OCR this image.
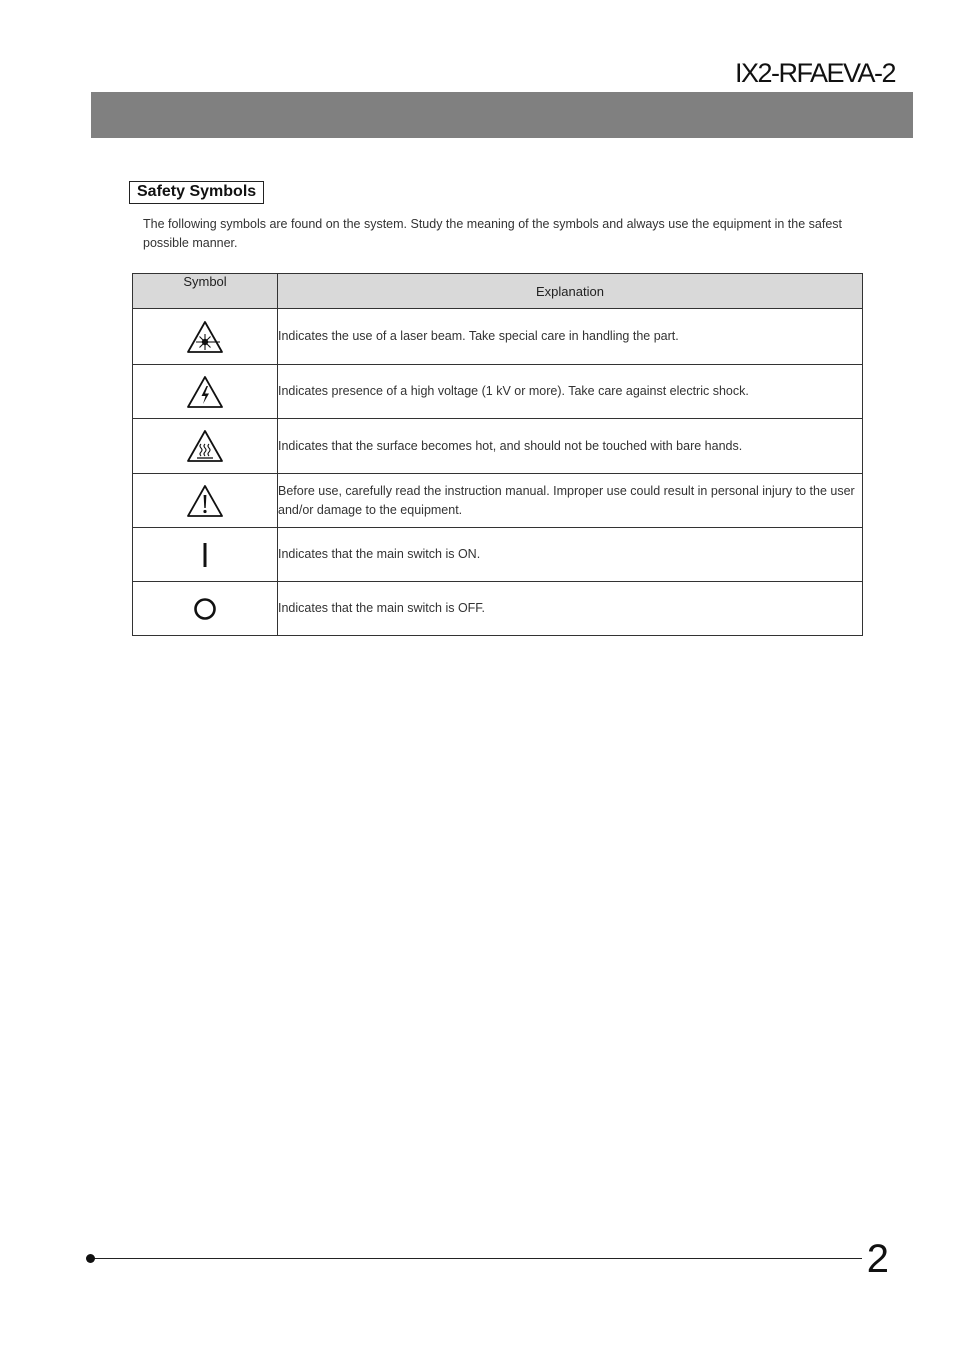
IX2-RFAEVA-2
Safety Symbols
The following symbols are found on the system. Study the meaning of the symbols and always use the equipment in the safest possible manner.
Symbol	Explanation
	Indicates the use of a laser beam. Take special care in handling the part.
	Indicates presence of a high voltage (1 kV or more). Take care against electric shock.
	Indicates that the surface becomes hot, and should not be touched with bare hands.
	Before use, carefully read the instruction manual. Improper use could result in personal injury to the user and/or damage to the equipment.
	Indicates that the main switch is ON.
	Indicates that the main switch is OFF.
2
